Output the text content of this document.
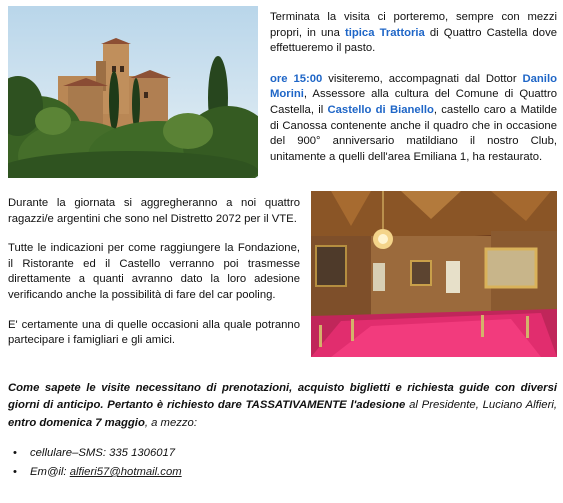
Terminata la visita ci porteremo, sempre con mezzi propri, in una tipica Trattoria di Quattro Castella dove effettueremo il pasto.

ore 15:00 visiteremo, accompagnati dal Dottor Danilo Morini, Assessore alla cultura del Comune di Quattro Castella, il Castello di Bianello, castello caro a Matilde di Canossa contenente anche il quadro che in occasione del 900° anniversario matildiano il nostro Club, unitamente a quelli dell'area Emiliana 1, ha restaurato.

Durante la giornata si aggregheranno a noi quattro ragazzi/e argentini che sono nel Distretto 2072 per il VTE.

Tutte le indicazioni per come raggiungere la Fondazione, il Ristorante ed il Castello verranno poi trasmesse direttamente a quanti avranno dato la loro adesione verificando anche la possibilità di fare del car pooling.

E' certamente una di quelle occasioni alla quale potranno partecipare i famigliari e gli amici.

Come sapete le visite necessitano di prenotazioni, acquisto biglietti e richiesta guide con diversi giorni di anticipo. Pertanto è richiesto dare TASSATIVAMENTE l'adesione al Presidente, Luciano Alfieri, entro domenica 7 maggio, a mezzo:
• cellulare–SMS: 335 1306017
• Em@il: alfieri57@hotmail.com
